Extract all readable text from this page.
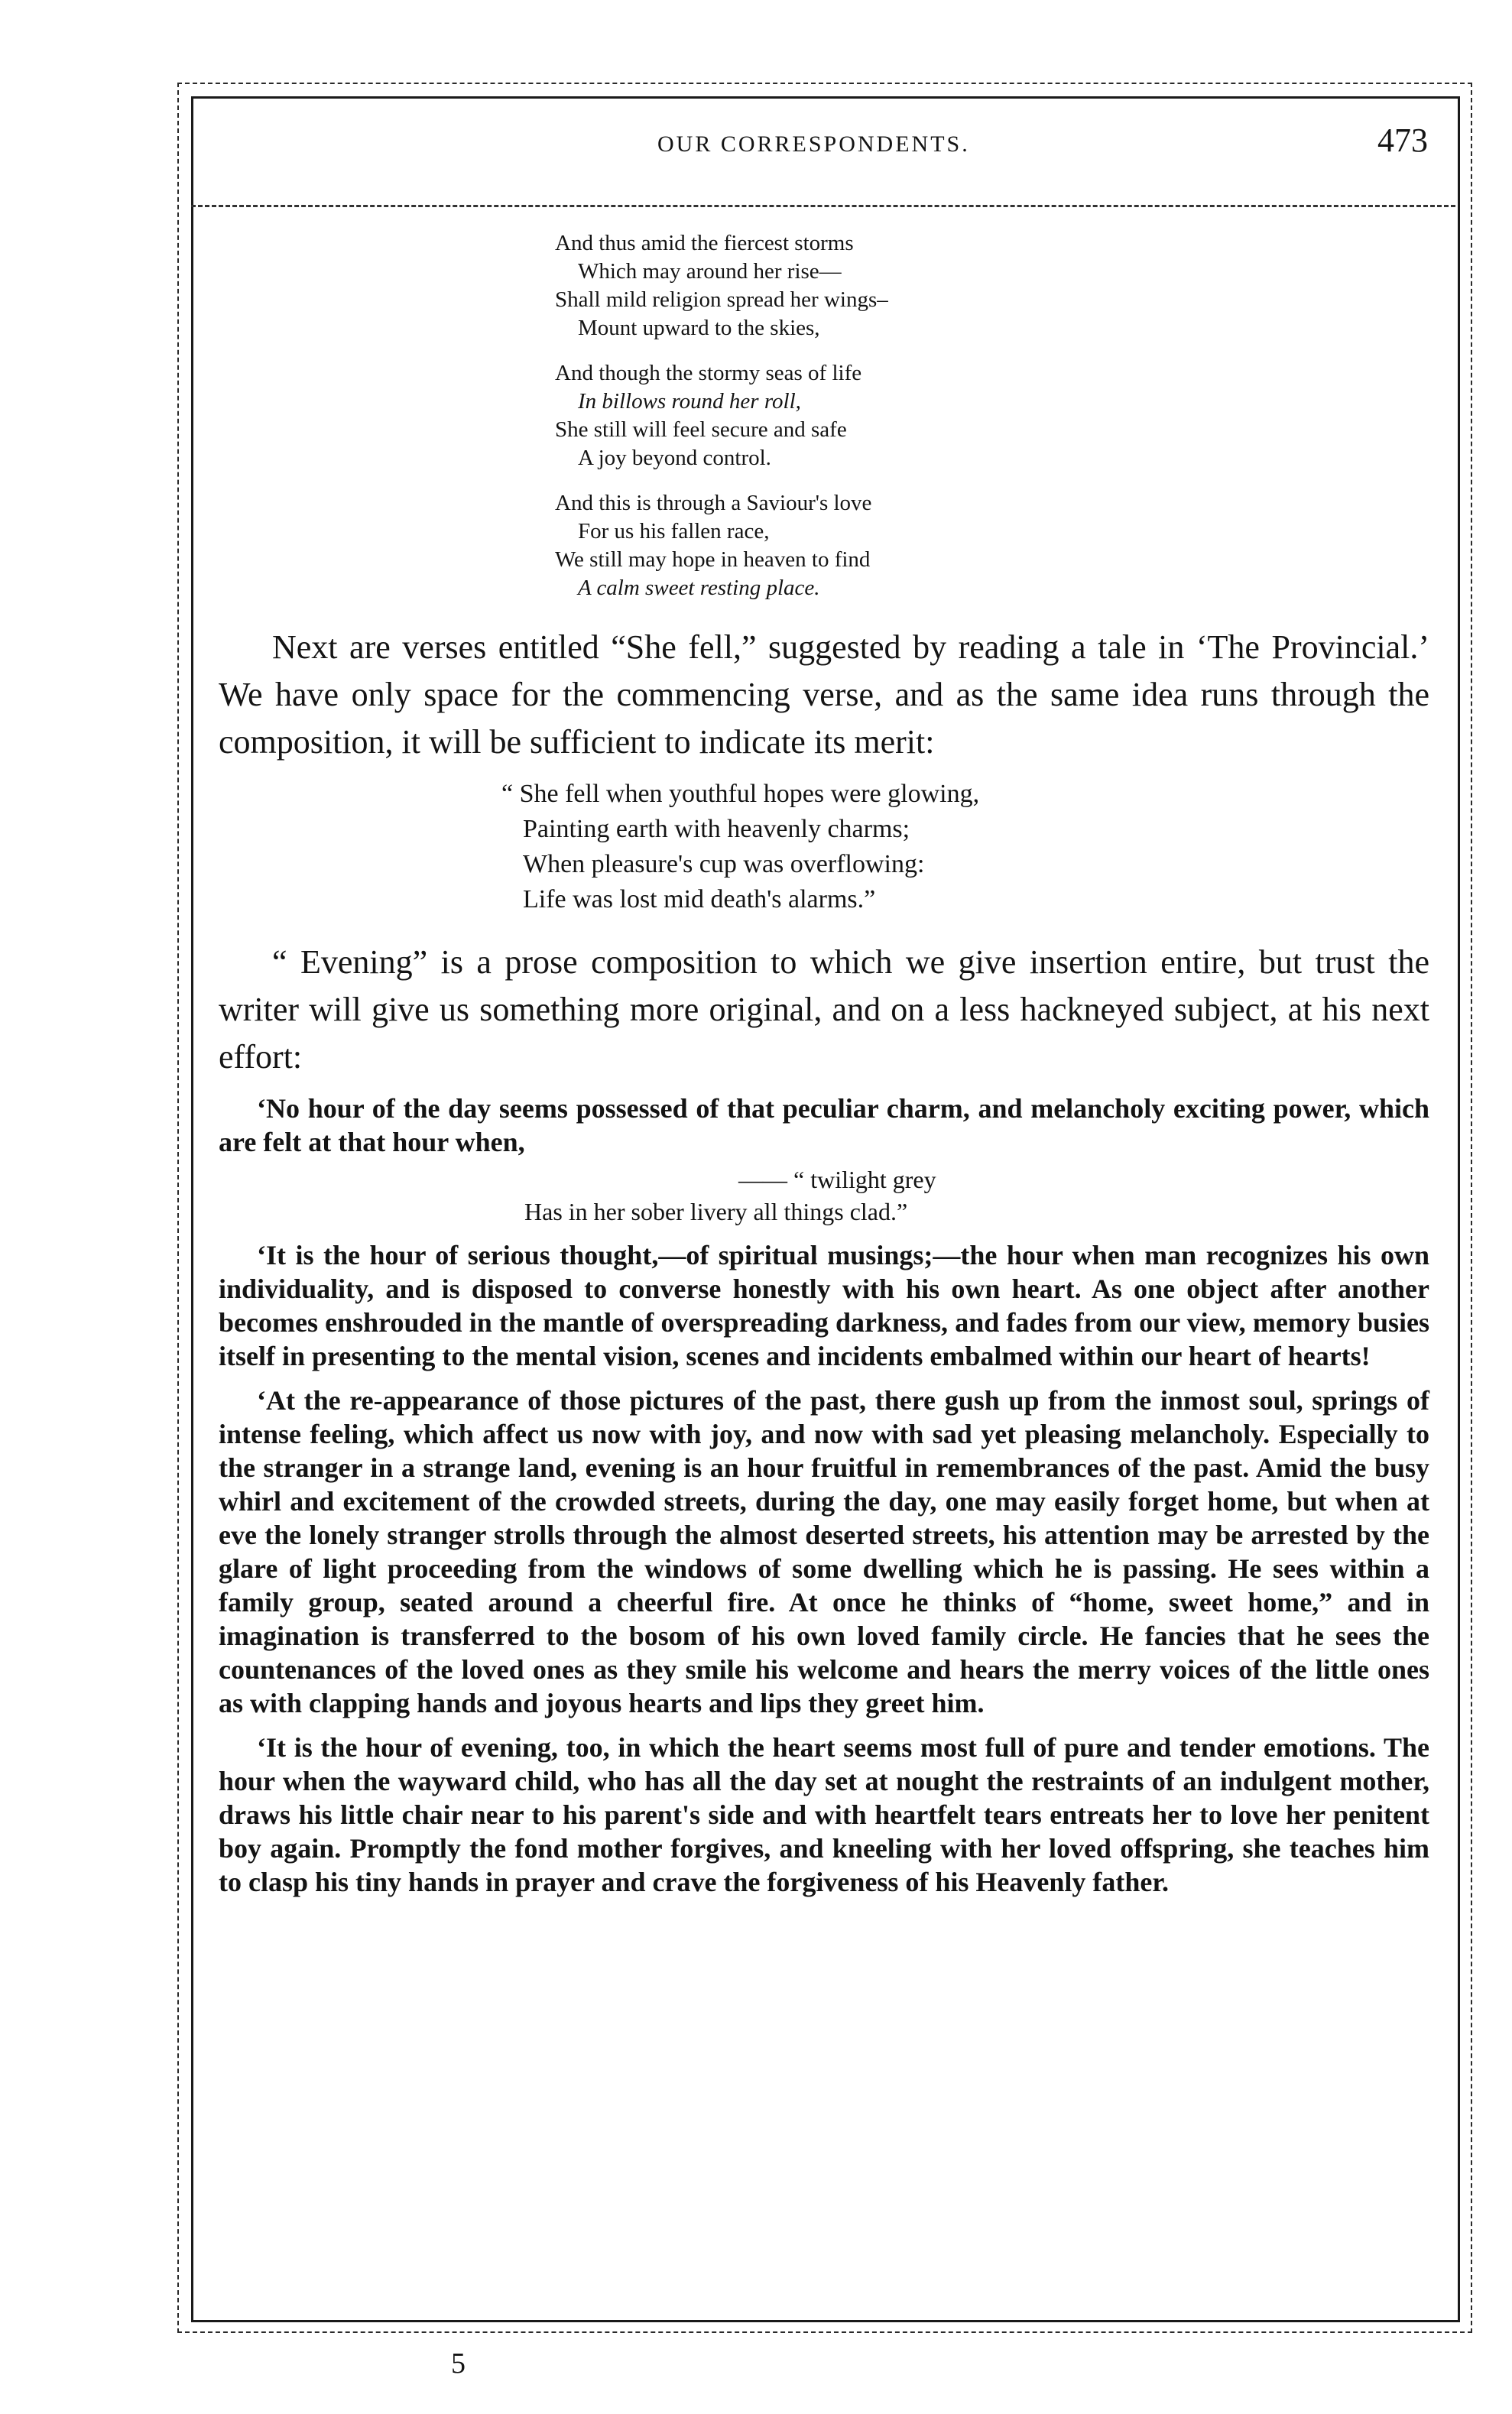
OUR CORRESPONDENTS.	473
And thus amid the fiercest storms
Which may around her rise—
Shall mild religion spread her wings–
Mount upward to the skies,
And though the stormy seas of life
In billows round her roll,
She still will feel secure and safe
A joy beyond control.
And this is through a Saviour's love
For us his fallen race,
We still may hope in heaven to find
A calm sweet resting place.

Next are verses entitled “She fell,” suggested by reading a tale in ‘The Provincial.’ We have only space for the commencing verse, and as the same idea runs through the composition, it will be sufficient to indicate its merit:

“ She fell when youthful hopes were glowing,
Painting earth with heavenly charms;
When pleasure's cup was overflowing:
Life was lost mid death's alarms.”

“ Evening” is a prose composition to which we give insertion entire, but trust the writer will give us something more original, and on a less hackneyed subject, at his next effort:

‘No hour of the day seems possessed of that peculiar charm, and melancholy exciting power, which are felt at that hour when,

—— “ twilight grey
Has in her sober livery all things clad.”

‘It is the hour of serious thought,—of spiritual musings;—the hour when man recognizes his own individuality, and is disposed to converse honestly with his own heart. As one object after another becomes enshrouded in the mantle of overspreading darkness, and fades from our view, memory busies itself in presenting to the mental vision, scenes and incidents embalmed within our heart of hearts!

‘At the re-appearance of those pictures of the past, there gush up from the inmost soul, springs of intense feeling, which affect us now with joy, and now with sad yet pleasing melancholy. Especially to the stranger in a strange land, evening is an hour fruitful in remembrances of the past. Amid the busy whirl and excitement of the crowded streets, during the day, one may easily forget home, but when at eve the lonely stranger strolls through the almost deserted streets, his attention may be arrested by the glare of light proceeding from the windows of some dwelling which he is passing. He sees within a family group, seated around a cheerful fire. At once he thinks of “home, sweet home,” and in imagination is transferred to the bosom of his own loved family circle. He fancies that he sees the countenances of the loved ones as they smile his welcome and hears the merry voices of the little ones as with clapping hands and joyous hearts and lips they greet him.

‘It is the hour of evening, too, in which the heart seems most full of pure and tender emotions. The hour when the wayward child, who has all the day set at nought the restraints of an indulgent mother, draws his little chair near to his parent's side and with heartfelt tears entreats her to love her penitent boy again. Promptly the fond mother forgives, and kneeling with her loved offspring, she teaches him to clasp his tiny hands in prayer and crave the forgiveness of his Heavenly father.

5
